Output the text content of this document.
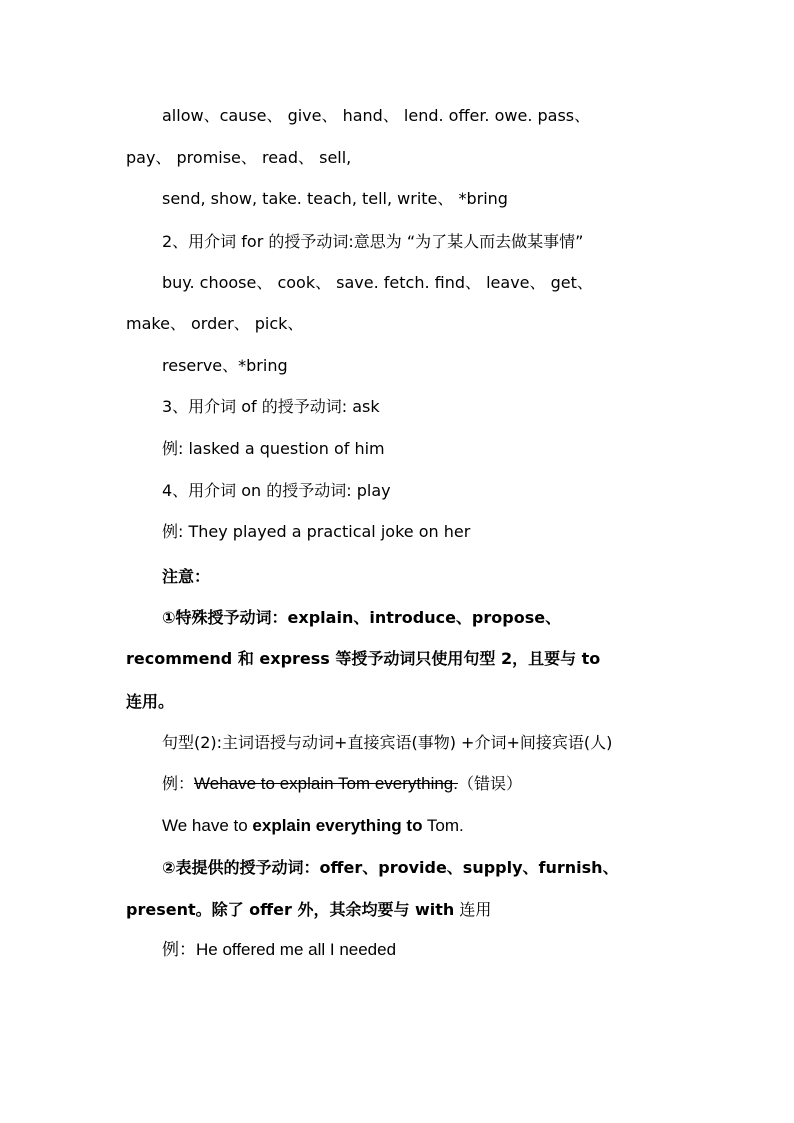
allow、cause、 give、 hand、 lend. offer. owe. pass、
pay、 promise、 read、 sell,
send, show, take. teach, tell, write、 *bring
2、用介词 for 的授予动词:意思为 “为了某人而去做某事情”
buy. choose、 cook、 save. fetch. find、 leave、 get、
make、 order、 pick、
reserve、*bring
3、用介词 of 的授予动词: ask
例: lasked a question of him
4、用介词 on 的授予动词: play
例: They played a practical joke on her
注意：
①特殊授予动词：explain、introduce、propose、
recommend 和 express 等授予动词只使用句型 2，且要与 to
连用。
句型(2):主词语授与动词+直接宾语(事物) +介词+间接宾语(人)
例：Wehave to explain Tom everything.（错误）
We have to explain everything to Tom.
②表提供的授予动词：offer、provide、supply、furnish、
present。除了 offer 外，其余均要与 with 连用
例：He offered me all I needed
